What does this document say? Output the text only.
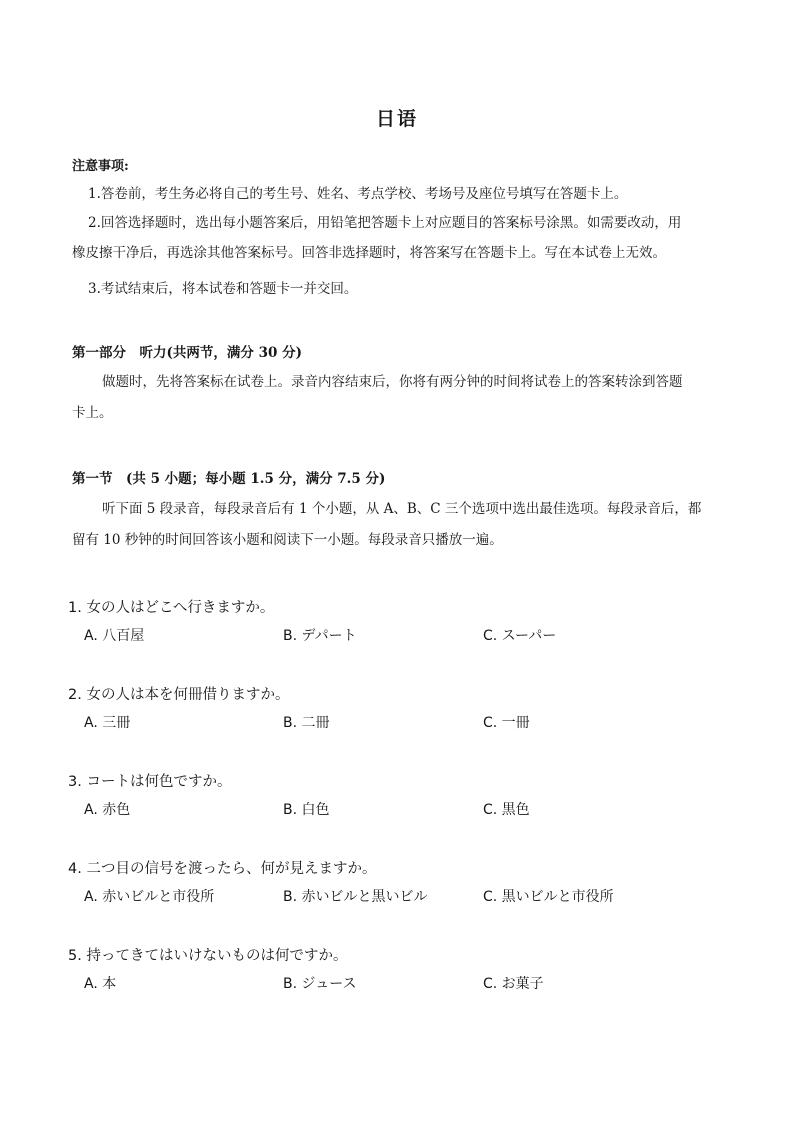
日语
注意事项:
1.答卷前，考生务必将自己的考生号、姓名、考点学校、考场号及座位号填写在答题卡上。
2.回答选择题时，选出每小题答案后，用铅笔把答题卡上对应题目的答案标号涂黑。如需要改动，用
橡皮擦干净后，再选涂其他答案标号。回答非选择题时，将答案写在答题卡上。写在本试卷上无效。
3.考试结束后，将本试卷和答题卡一并交回。
第一部分　听力(共两节，满分 30 分)
做题时，先将答案标在试卷上。录音内容结束后，你将有两分钟的时间将试卷上的答案转涂到答题
卡上。
第一节　(共 5 小题；每小题 1.5 分，满分 7.5 分)
听下面 5 段录音，每段录音后有 1 个小题，从 A、B、C 三个选项中选出最佳选项。每段录音后，都
留有 10 秒钟的时间回答该小题和阅读下一小题。每段录音只播放一遍。
1. 女の人はどこへ行きますか。
A. 八百屋	B. デパート	C. スーパー
2. 女の人は本を何冊借りますか。
A. 三冊	B. 二冊	C. 一冊
3. コートは何色ですか。
A. 赤色	B. 白色	C. 黒色
4. 二つ目の信号を渡ったら、何が見えますか。
A. 赤いビルと市役所	B. 赤いビルと黒いビル	C. 黒いビルと市役所
5. 持ってきてはいけないものは何ですか。
A. 本	B. ジュース	C. お菓子
